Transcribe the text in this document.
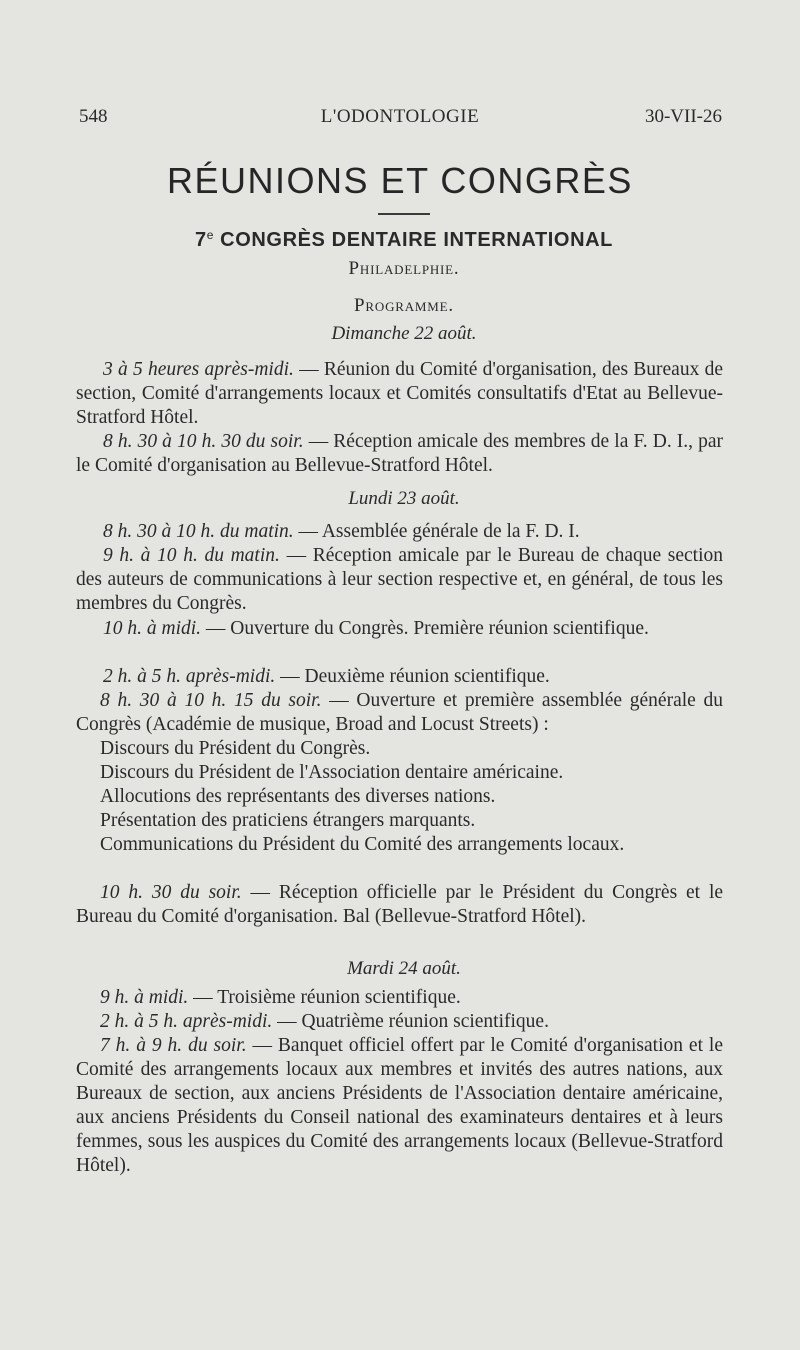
548	L'ODONTOLOGIE	30-VII-26
RÉUNIONS ET CONGRÈS
7e CONGRÈS DENTAIRE INTERNATIONAL
Philadelphie.
Programme.
Dimanche 22 août.
3 à 5 heures après-midi. — Réunion du Comité d'organisation, des Bureaux de section, Comité d'arrangements locaux et Comités consultatifs d'Etat au Bellevue-Stratford Hôtel.
8 h. 30 à 10 h. 30 du soir. — Réception amicale des membres de la F. D. I., par le Comité d'organisation au Bellevue-Stratford Hôtel.
Lundi 23 août.
8 h. 30 à 10 h. du matin. — Assemblée générale de la F. D. I.
9 h. à 10 h. du matin. — Réception amicale par le Bureau de chaque section des auteurs de communications à leur section respective et, en général, de tous les membres du Congrès.
10 h. à midi. — Ouverture du Congrès. Première réunion scientifique.
2 h. à 5 h. après-midi. — Deuxième réunion scientifique.
8 h. 30 à 10 h. 15 du soir. — Ouverture et première assemblée générale du Congrès (Académie de musique, Broad and Locust Streets) :
Discours du Président du Congrès.
Discours du Président de l'Association dentaire américaine.
Allocutions des représentants des diverses nations.
Présentation des praticiens étrangers marquants.
Communications du Président du Comité des arrangements locaux.
10 h. 30 du soir. — Réception officielle par le Président du Congrès et le Bureau du Comité d'organisation. Bal (Bellevue-Stratford Hôtel).
Mardi 24 août.
9 h. à midi. — Troisième réunion scientifique.
2 h. à 5 h. après-midi. — Quatrième réunion scientifique.
7 h. à 9 h. du soir. — Banquet officiel offert par le Comité d'organisation et le Comité des arrangements locaux aux membres et invités des autres nations, aux Bureaux de section, aux anciens Présidents de l'Association dentaire américaine, aux anciens Présidents du Conseil national des examinateurs dentaires et à leurs femmes, sous les auspices du Comité des arrangements locaux (Bellevue-Stratford Hôtel).
